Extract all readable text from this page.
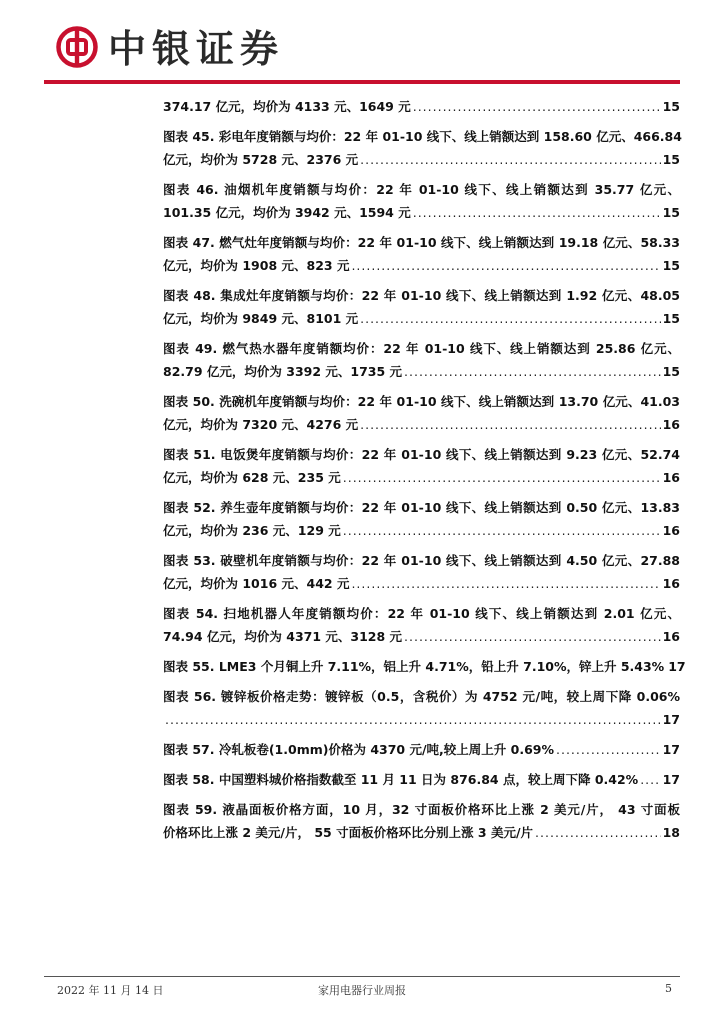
中银证券
374.17 亿元，均价为 4133 元、1649 元 .....	15
图表 45. 彩电年度销额与均价：22 年 01-10 线下、线上销额达到 158.60 亿元、466.84
亿元，均价为 5728 元、2376 元 .....	15
图表 46. 油烟机年度销额与均价：22 年 01-10 线下、线上销额达到 35.77 亿元、
101.35 亿元，均价为 3942 元、1594 元 .....	15
图表 47. 燃气灶年度销额与均价：22 年 01-10 线下、线上销额达到 19.18 亿元、58.33
亿元，均价为 1908 元、823 元 .....	15
图表 48. 集成灶年度销额与均价：22 年 01-10 线下、线上销额达到 1.92 亿元、48.05
亿元，均价为 9849 元、8101 元 .....	15
图表 49. 燃气热水器年度销额均价：22 年 01-10 线下、线上销额达到 25.86 亿元、
82.79 亿元，均价为 3392 元、1735 元 .....	15
图表 50. 洗碗机年度销额与均价：22 年 01-10 线下、线上销额达到 13.70 亿元、41.03
亿元，均价为 7320 元、4276 元 .....	16
图表 51. 电饭煲年度销额与均价：22 年 01-10 线下、线上销额达到 9.23 亿元、52.74
亿元，均价为 628 元、235 元 .....	16
图表 52. 养生壶年度销额与均价：22 年 01-10 线下、线上销额达到 0.50 亿元、13.83
亿元，均价为 236 元、129 元 .....	16
图表 53. 破壁机年度销额与均价：22 年 01-10 线下、线上销额达到 4.50 亿元、27.88
亿元，均价为 1016 元、442 元 .....	16
图表 54. 扫地机器人年度销额均价：22 年 01-10 线下、线上销额达到 2.01 亿元、
74.94 亿元，均价为 4371 元、3128 元 .....	16
图表 55. LME3 个月铜上升 7.11%，铝上升 4.71%，铅上升 7.10%，锌上升 5.43% 17
图表 56. 镀锌板价格走势：镀锌板（0.5，含税价）为 4752 元/吨，较上周下降 0.06%
.....
17
图表 57. 冷轧板卷(1.0mm)价格为 4370 元/吨,较上周上升 0.69% .....	17
图表 58. 中国塑料城价格指数截至 11 月 11 日为 876.84 点，较上周下降 0.42% ..... 17
图表 59. 液晶面板价格方面，10 月，32 寸面板价格环比上涨 2 美元/片， 43 寸面板
价格环比上涨 2 美元/片， 55 寸面板价格环比分别上涨 3 美元/片 .....	18
2022 年 11 月 14 日	家用电器行业周报	5
